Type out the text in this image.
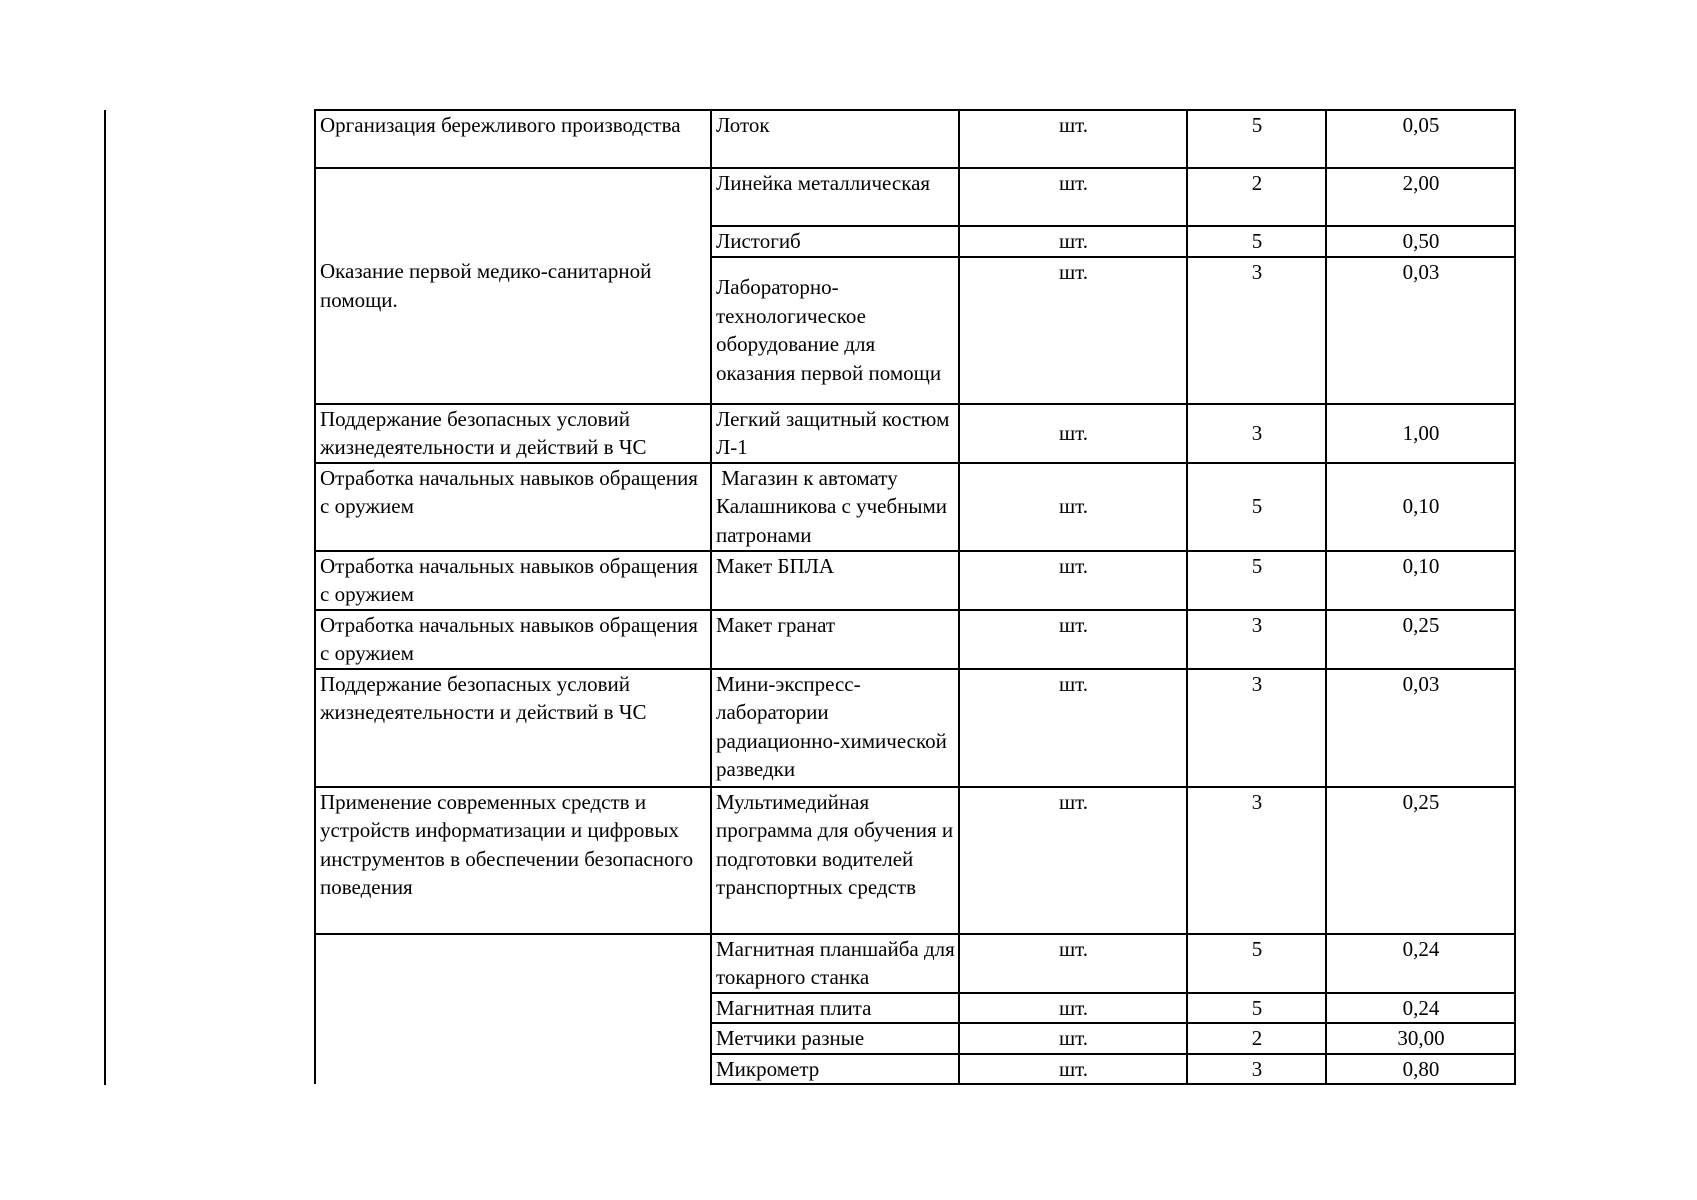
Организация бережливого производства	Лоток	шт.	5	0,05
Оказание первой медико-санитарной помощи.	Линейка металлическая	шт.	2	2,00
	Листогиб	шт.	5	0,50
	Лабораторно-технологическое оборудование для оказания первой помощи	шт.	3	0,03
Поддержание безопасных условий жизнедеятельности и действий в ЧС	Легкий защитный костюм Л-1	шт.	3	1,00
Отработка начальных навыков обращения с оружием	Магазин к автомату Калашникова с учебными патронами	шт.	5	0,10
Отработка начальных навыков обращения с оружием	Макет БПЛА	шт.	5	0,10
Отработка начальных навыков обращения с оружием	Макет гранат	шт.	3	0,25
Поддержание безопасных условий жизнедеятельности и действий в ЧС	Мини-экспресс-лаборатории радиационно-химической разведки	шт.	3	0,03
Применение современных средств и устройств информатизации и цифровых инструментов в обеспечении безопасного поведения	Мультимедийная программа для обучения и подготовки водителей транспортных средств	шт.	3	0,25
	Магнитная планшайба для токарного станка	шт.	5	0,24
	Магнитная плита	шт.	5	0,24
	Метчики разные	шт.	2	30,00
	Микрометр	шт.	3	0,80
